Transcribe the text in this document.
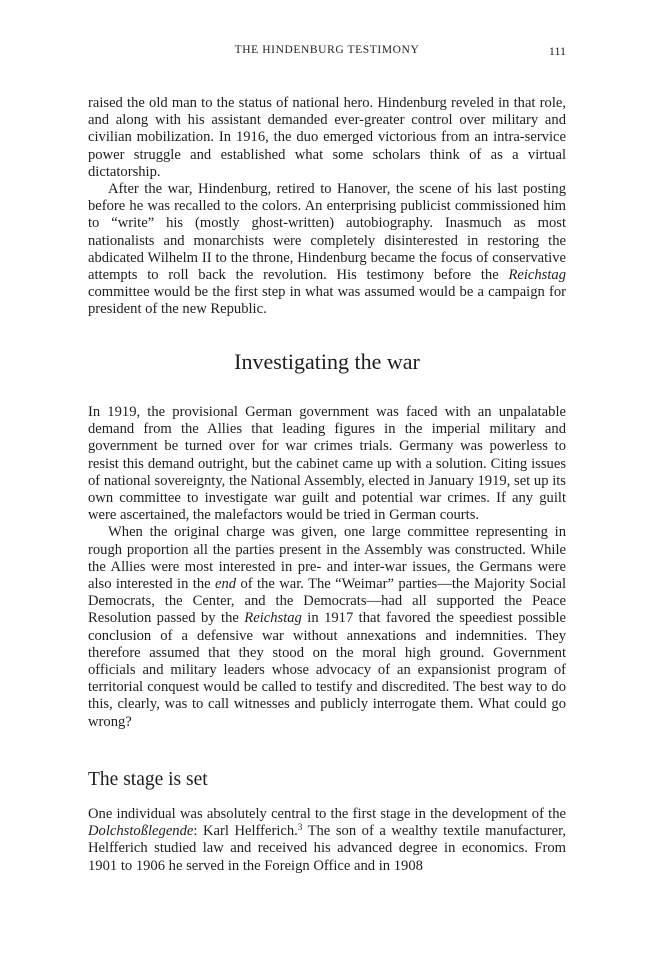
THE HINDENBURG TESTIMONY	111

raised the old man to the status of national hero. Hindenburg reveled in that role, and along with his assistant demanded ever-greater control over military and civilian mobilization. In 1916, the duo emerged victorious from an intra-service power struggle and established what some scholars think of as a virtual dictatorship.

After the war, Hindenburg, retired to Hanover, the scene of his last posting before he was recalled to the colors. An enterprising publicist commissioned him to “write” his (mostly ghost-written) autobiography. Inasmuch as most nationalists and monarchists were completely disinterested in restoring the abdicated Wilhelm II to the throne, Hindenburg became the focus of conservative attempts to roll back the revolution. His testimony before the Reichstag committee would be the first step in what was assumed would be a campaign for president of the new Republic.

Investigating the war

In 1919, the provisional German government was faced with an unpalatable demand from the Allies that leading figures in the imperial military and government be turned over for war crimes trials. Germany was powerless to resist this demand outright, but the cabinet came up with a solution. Citing issues of national sovereignty, the National Assembly, elected in January 1919, set up its own committee to investigate war guilt and potential war crimes. If any guilt were ascertained, the malefactors would be tried in German courts.

When the original charge was given, one large committee representing in rough proportion all the parties present in the Assembly was constructed. While the Allies were most interested in pre- and inter-war issues, the Germans were also interested in the end of the war. The “Weimar” parties—the Majority Social Democrats, the Center, and the Democrats—had all supported the Peace Resolution passed by the Reichstag in 1917 that favored the speediest possible conclusion of a defensive war without annexations and indemnities. They therefore assumed that they stood on the moral high ground. Government officials and military leaders whose advocacy of an expansionist program of territorial conquest would be called to testify and discredited. The best way to do this, clearly, was to call witnesses and publicly interrogate them. What could go wrong?

The stage is set

One individual was absolutely central to the first stage in the development of the Dolchstoßlegende: Karl Helfferich.$^3$ The son of a wealthy textile manufacturer, Helfferich studied law and received his advanced degree in economics. From 1901 to 1906 he served in the Foreign Office and in 1908
